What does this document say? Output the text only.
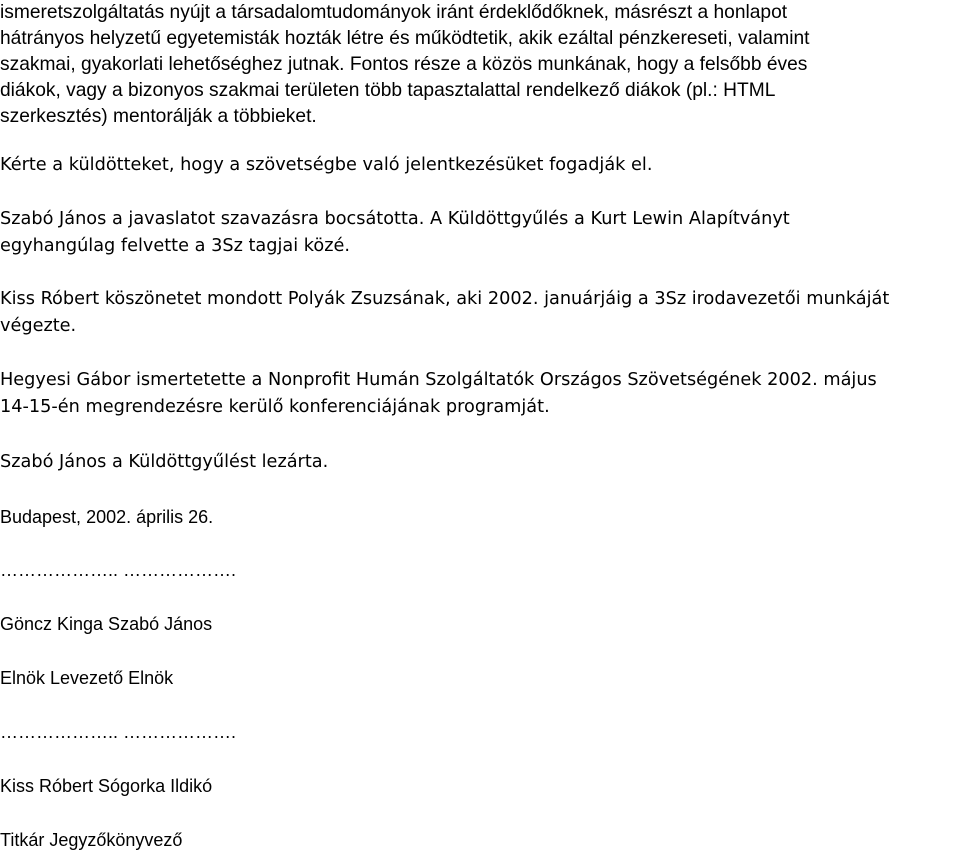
ismeretszolgáltatás nyújt a társadalomtudományok iránt érdeklődőknek, másrészt a honlapot
hátrányos helyzetű egyetemisták hozták létre és működtetik, akik ezáltal pénzkereseti, valamint
szakmai, gyakorlati lehetőséghez jutnak. Fontos része a közös munkának, hogy a felsőbb éves
diákok, vagy a bizonyos szakmai területen több tapasztalattal rendelkező diákok (pl.: HTML
szerkesztés) mentorálják a többieket.

Kérte a küldötteket, hogy a szövetségbe való jelentkezésüket fogadják el.

Szabó János a javaslatot szavazásra bocsátotta. A Küldöttgyűlés a Kurt Lewin Alapítványt
egyhangúlag felvette a 3Sz tagjai közé.

Kiss Róbert köszönetet mondott Polyák Zsuzsának, aki 2002. januárjáig a 3Sz irodavezetői munkáját
végezte.

Hegyesi Gábor ismertetette a Nonprofit Humán Szolgáltatók Országos Szövetségének 2002. május
14-15-én megrendezésre kerülő konferenciájának programját.

Szabó János a Küldöttgyűlést lezárta.

Budapest, 2002. április 26.

……………….. ……………….

Göncz Kinga Szabó János

Elnök Levezető Elnök

……………….. ……………….

Kiss Róbert Sógorka Ildikó

Titkár Jegyzőkönyvező
